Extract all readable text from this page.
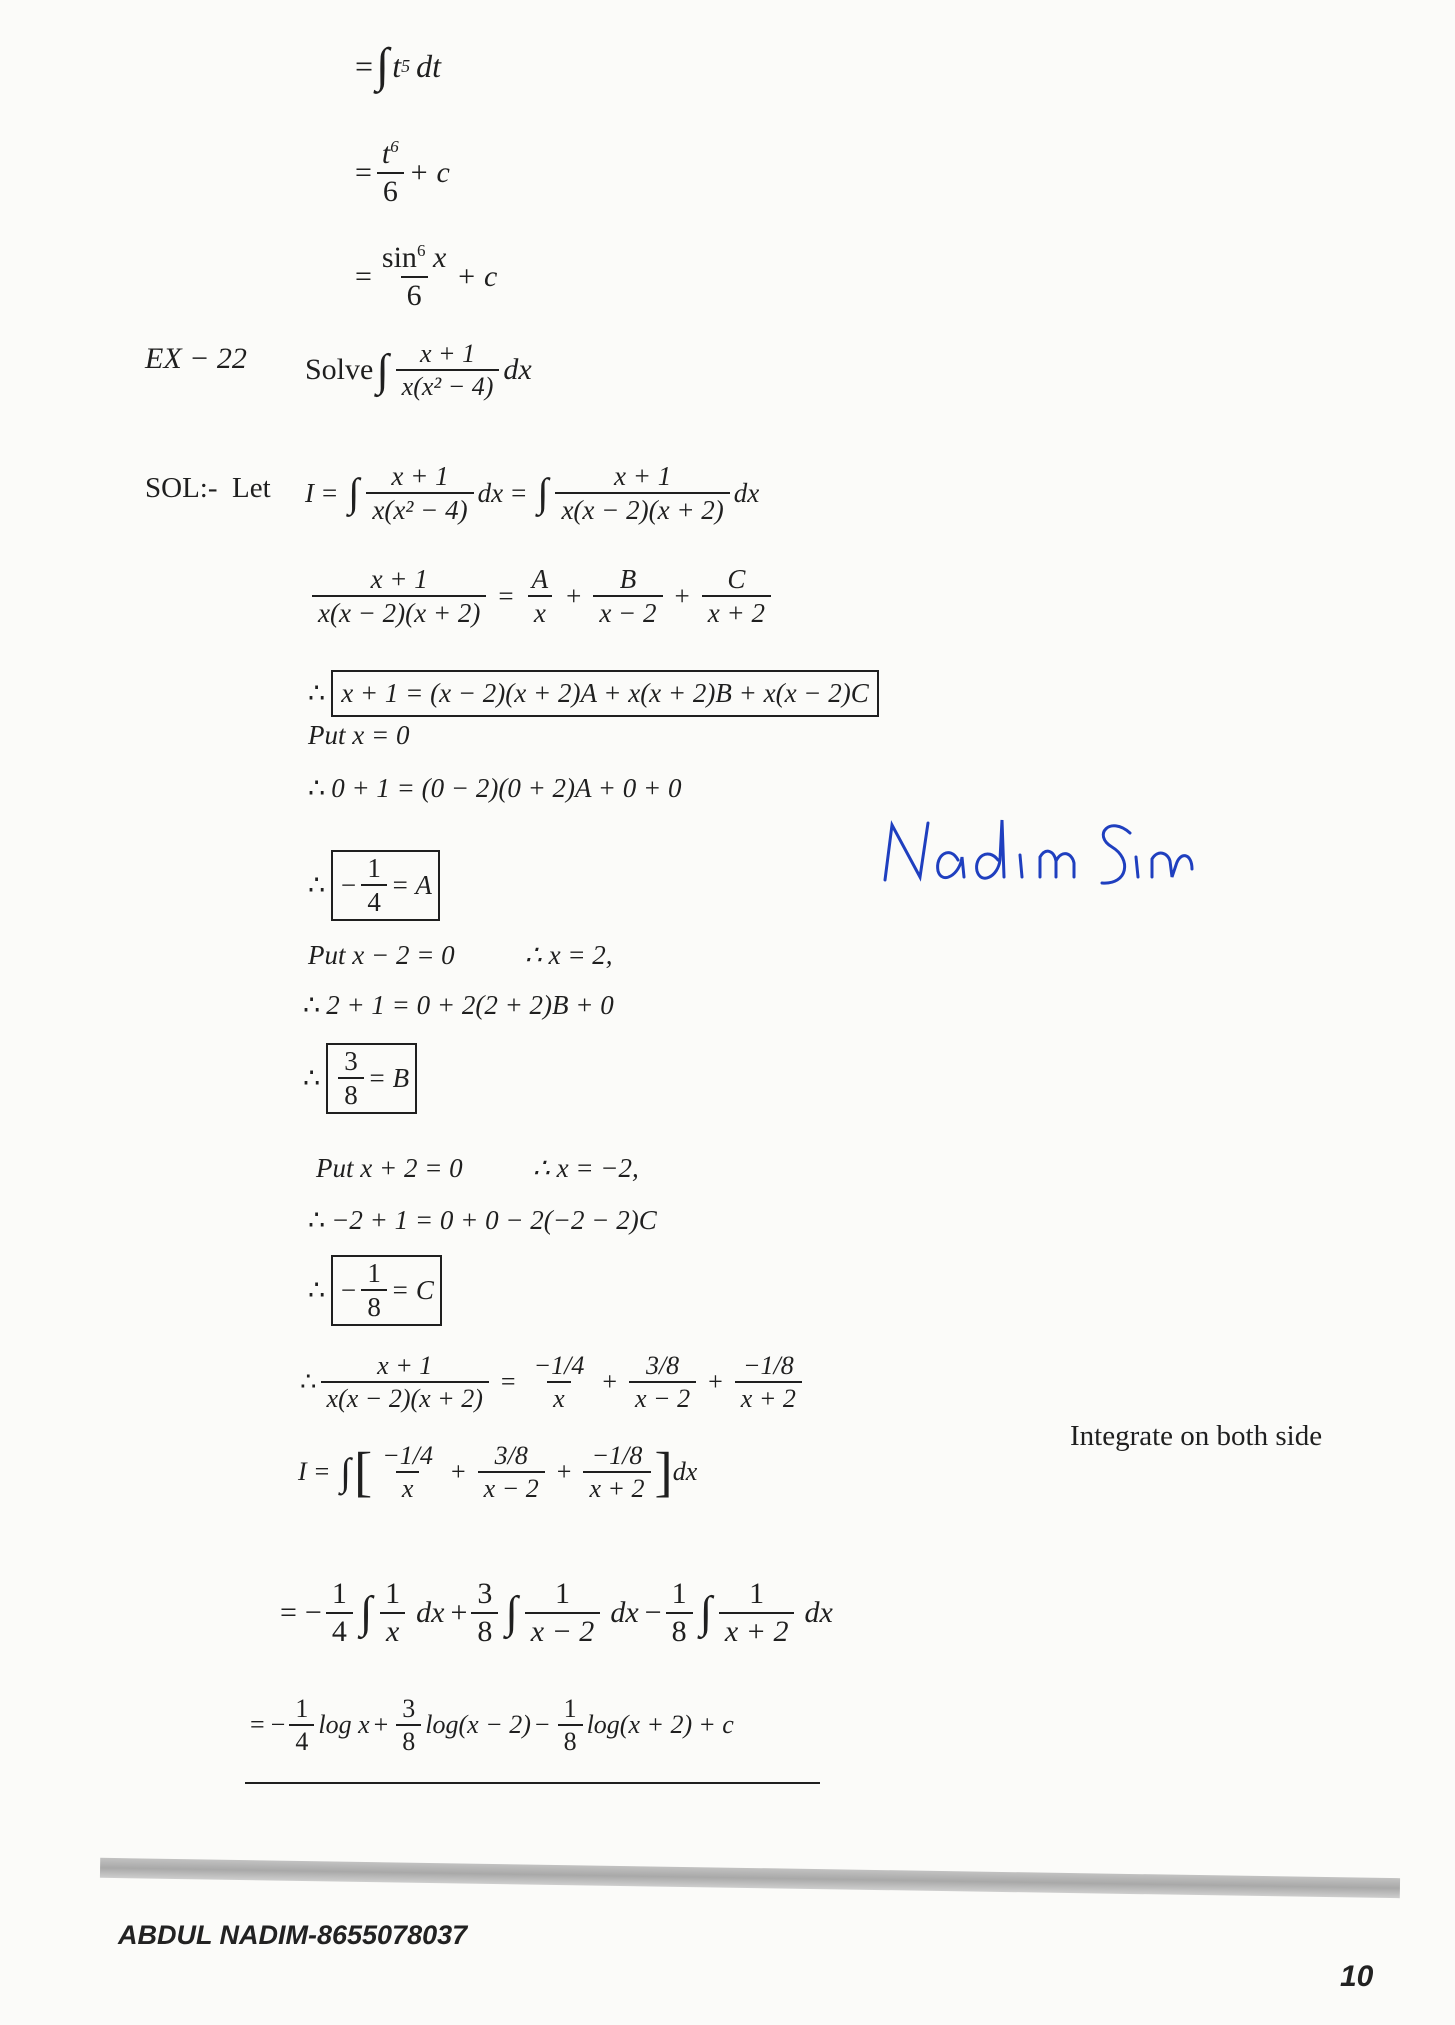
= ∫ t 5 dt
= $\frac{t^6}{6} + c$
= $\frac{\sin^6 x}{6} + c$
EX − 22 Solve ∫ $\frac{x + 1}{\text{x(x² − 4)}}$ dx
SOL:- Let I = ∫ $\frac{x + 1}{\text{x(x² − 4)}}$ dx = ∫ $\frac{x + 1}{x(x - 2)(x + 2)}$ dx
$\frac{x + 1}{x(x - 2)(x + 2)} = \frac{A}{x} + \frac{B}{x - 2} + \frac{C}{x + 2}$
∴ x + 1 = (x − 2)(x + 2)A + x(x + 2)B + x(x − 2)C
Put x = 0
∴ 0 + 1 = (0 − 2)(0 + 2)A + 0 + 0
∴ − $\frac{1}{4} = A$
Put x − 2 = 0	∴ x = 2,
∴ 2 + 1 = 0 + 2(2 + 2)B + 0
∴ $\frac{3}{8} = B$
Put x + 2 = 0	∴ x = −2,
∴ −2 + 1 = 0 + 0 − 2(−2 − 2)C
∴ − $\frac{1}{8} = C$
∴ $\frac{x + 1}{x(x - 2)(x + 2)} = \frac{-1/4}{x} + \frac{3/8}{x - 2} + \frac{-1/8}{x + 2}$
Integrate on both side
I = ∫ [ $\frac{-1/4}{x} + \frac{3/8}{x - 2} + \frac{-1/8}{x + 2}$ ] dx
= − $\frac{1}{4}$ ∫ $\frac{1}{x}$ dx + $\frac{3}{8}$ ∫ $\frac{1}{x - 2}$ dx − $\frac{1}{8}$ ∫ $\frac{1}{x + 2}$ dx
= − $\frac{1}{4}$ $\log x + \frac{3}{8} \log(x - 2) - \frac{1}{8} \log(x + 2) + c$
ABDUL NADIM-8655078037
10
